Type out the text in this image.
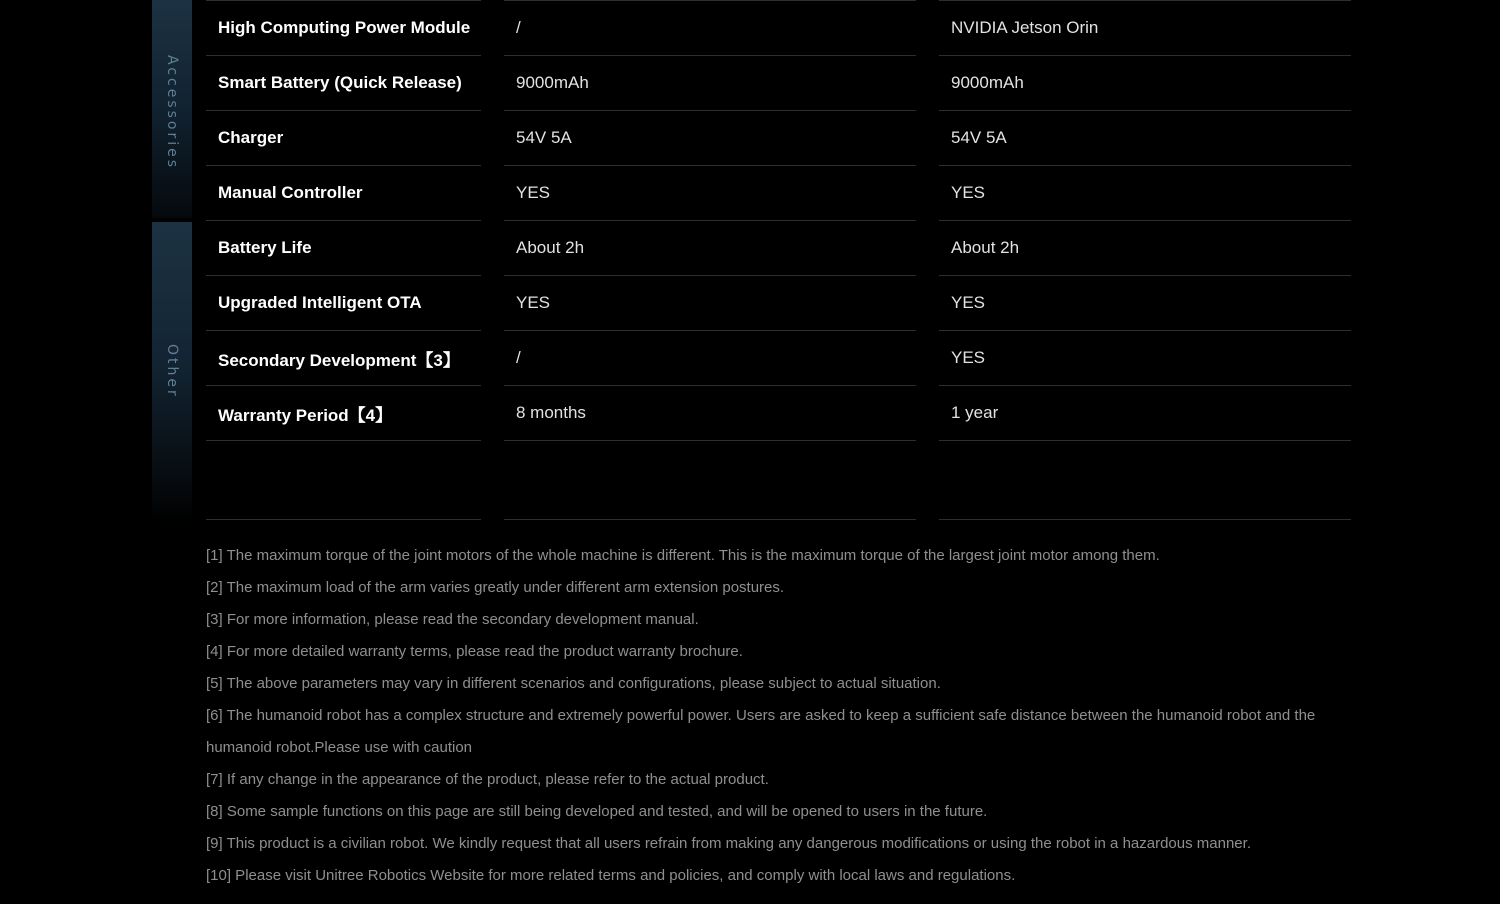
Accessories
Other
High Computing Power Module
Smart Battery (Quick Release)
Charger
Manual Controller
Battery Life
Upgraded Intelligent OTA
Secondary Development【3】
Warranty Period【4】
/
9000mAh
54V 5A
YES
About 2h
YES
/
8 months
NVIDIA Jetson Orin
9000mAh
54V 5A
YES
About 2h
YES
YES
1 year
[1] The maximum torque of the joint motors of the whole machine is different. This is the maximum torque of the largest joint motor among them.
[2] The maximum load of the arm varies greatly under different arm extension postures.
[3] For more information, please read the secondary development manual.
[4] For more detailed warranty terms, please read the product warranty brochure.
[5] The above parameters may vary in different scenarios and configurations, please subject to actual situation.
[6] The humanoid robot has a complex structure and extremely powerful power. Users are asked to keep a sufficient safe distance between the humanoid robot and the humanoid robot.Please use with caution
[7] If any change in the appearance of the product, please refer to the actual product.
[8] Some sample functions on this page are still being developed and tested, and will be opened to users in the future.
[9] This product is a civilian robot. We kindly request that all users refrain from making any dangerous modifications or using the robot in a hazardous manner.
[10] Please visit Unitree Robotics Website for more related terms and policies, and comply with local laws and regulations.
